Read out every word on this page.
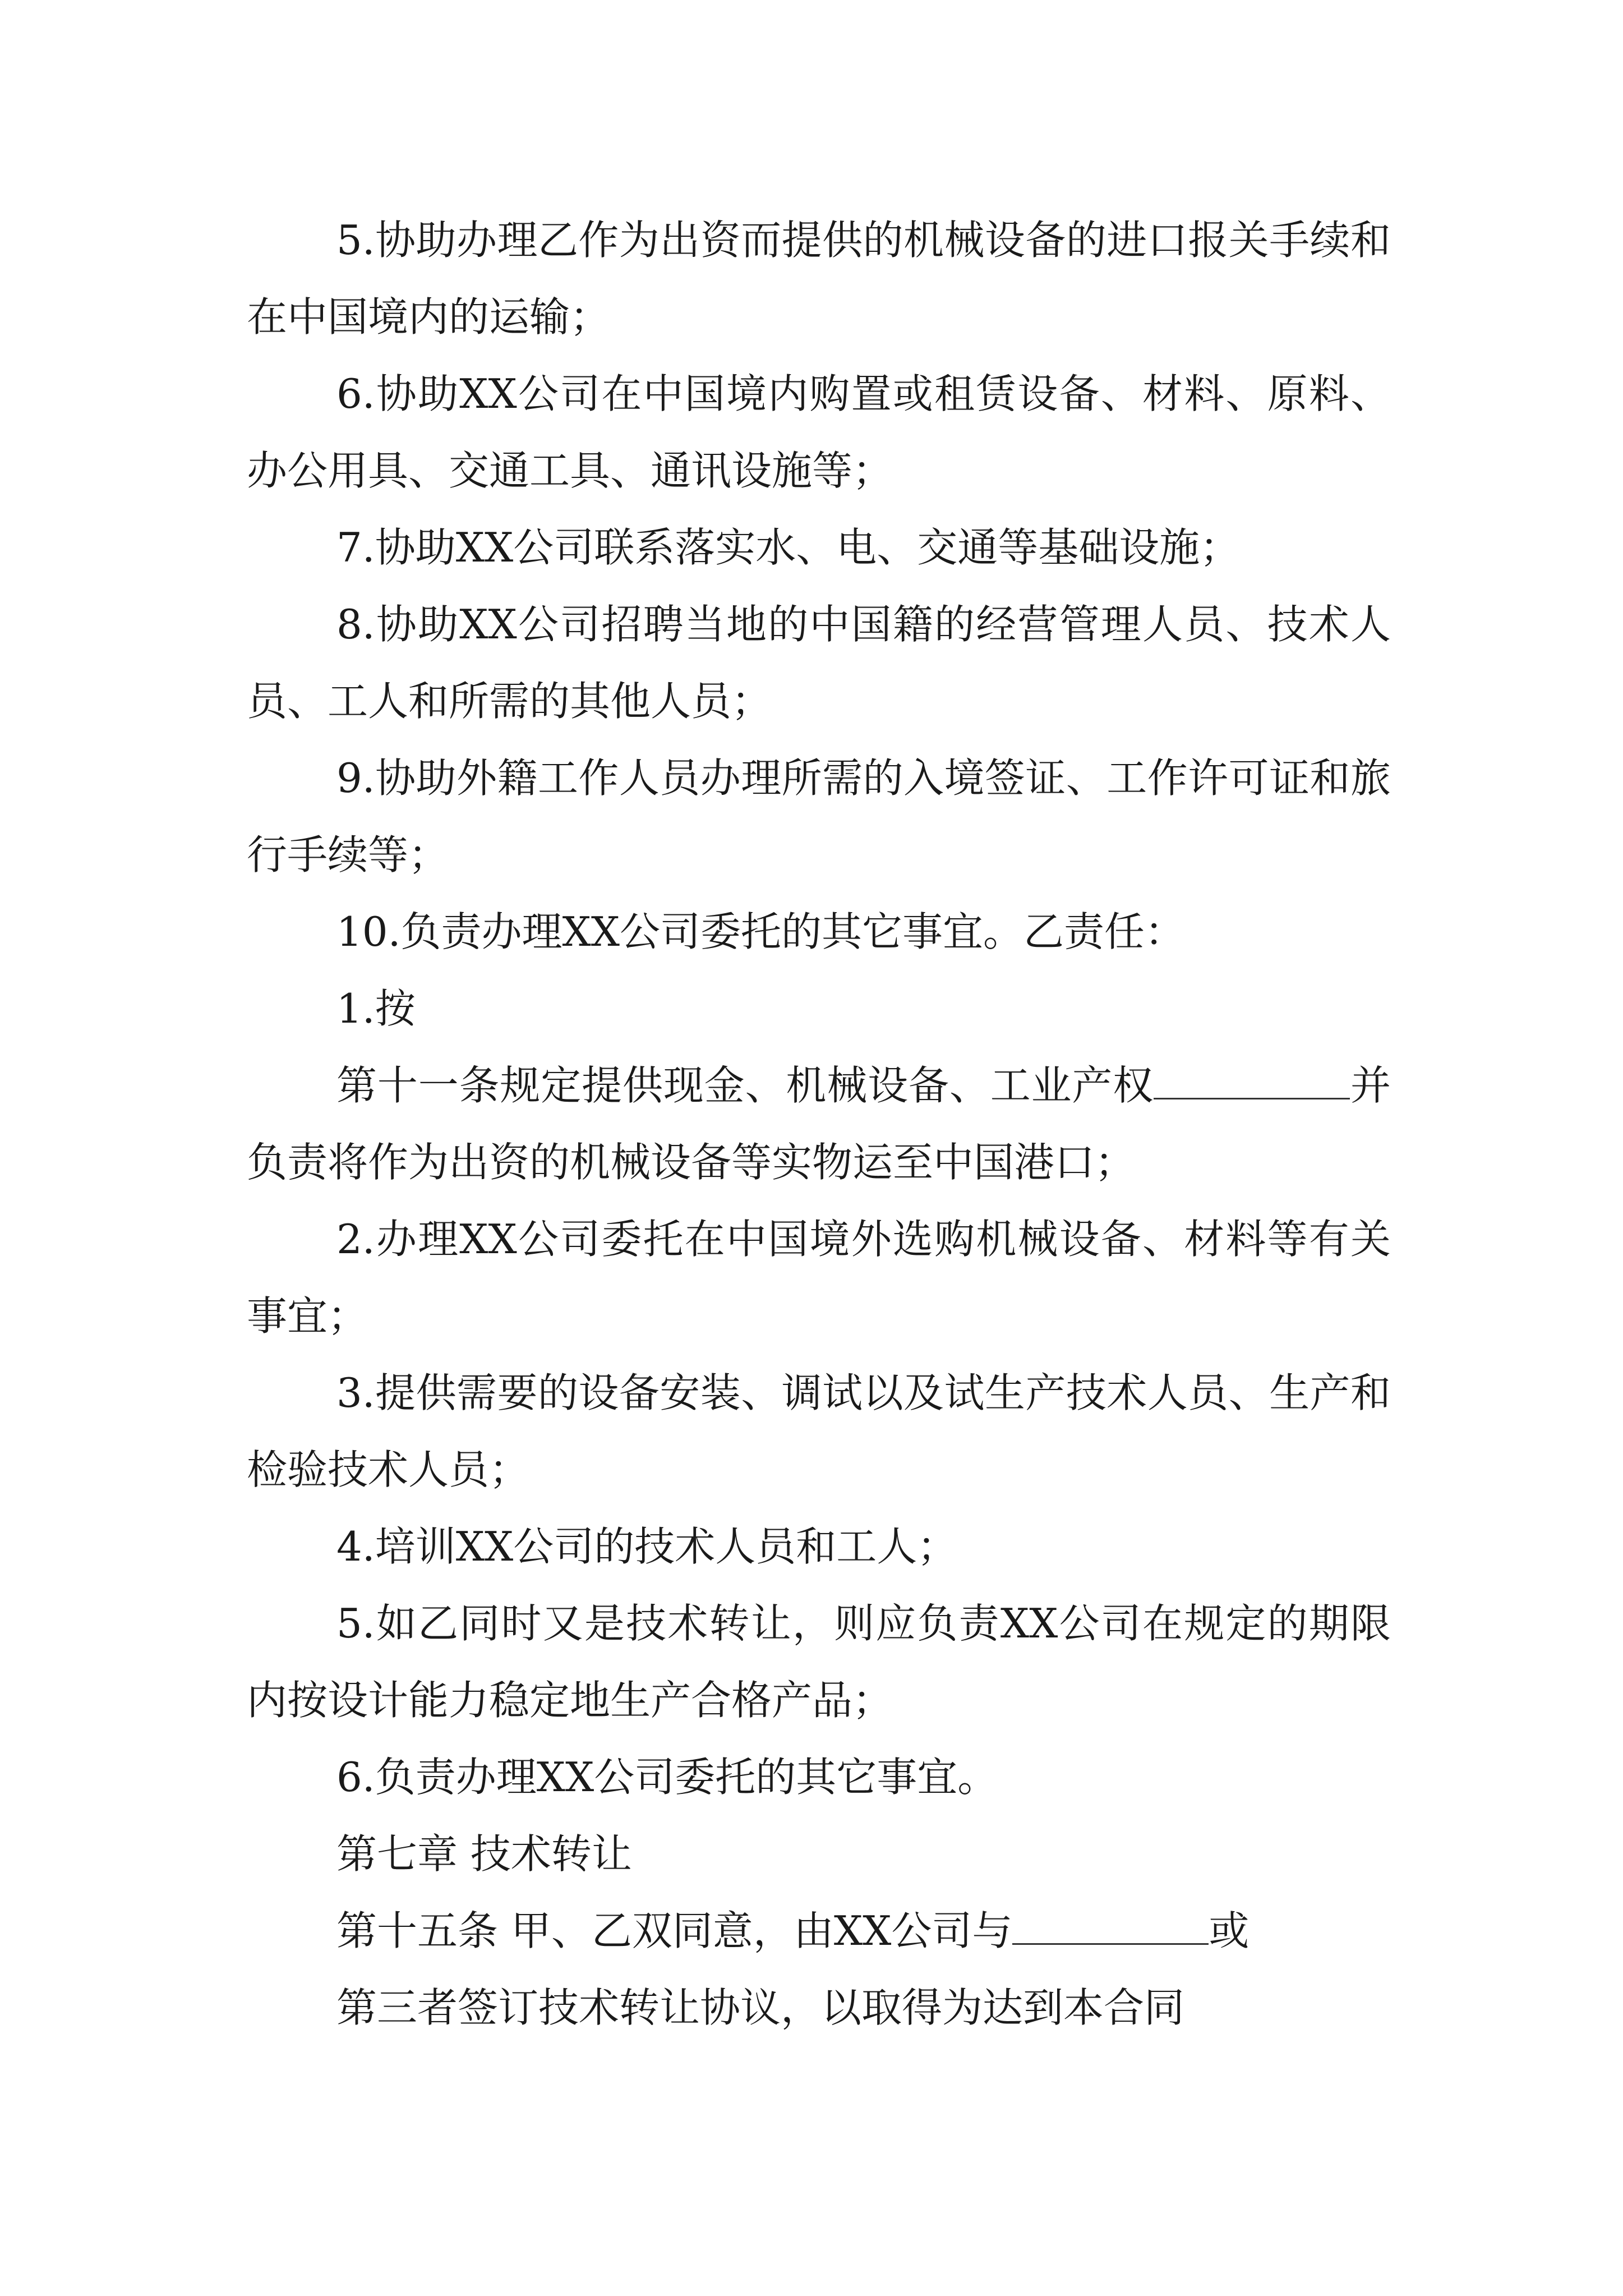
5.协助办理乙作为出资而提供的机械设备的进口报关手续和在中国境内的运输；

6.协助XX公司在中国境内购置或租赁设备、材料、原料、办公用具、交通工具、通讯设施等；

7.协助XX公司联系落实水、电、交通等基础设施；

8.协助XX公司招聘当地的中国籍的经营管理人员、技术人员、工人和所需的其他人员；

9.协助外籍工作人员办理所需的入境签证、工作许可证和旅行手续等；

10.负责办理XX公司委托的其它事宜。乙责任：

1.按

第十一条规定提供现金、机械设备、工业产权	并负责将作为出资的机械设备等实物运至中国港口；

2.办理XX公司委托在中国境外选购机械设备、材料等有关事宜；

3.提供需要的设备安装、调试以及试生产技术人员、生产和检验技术人员；

4.培训XX公司的技术人员和工人；

5.如乙同时又是技术转让，则应负责XX公司在规定的期限内按设计能力稳定地生产合格产品；

6.负责办理XX公司委托的其它事宜。

第七章 技术转让

第十五条 甲、乙双同意，由XX公司与	或

第三者签订技术转让协议，以取得为达到本合同
